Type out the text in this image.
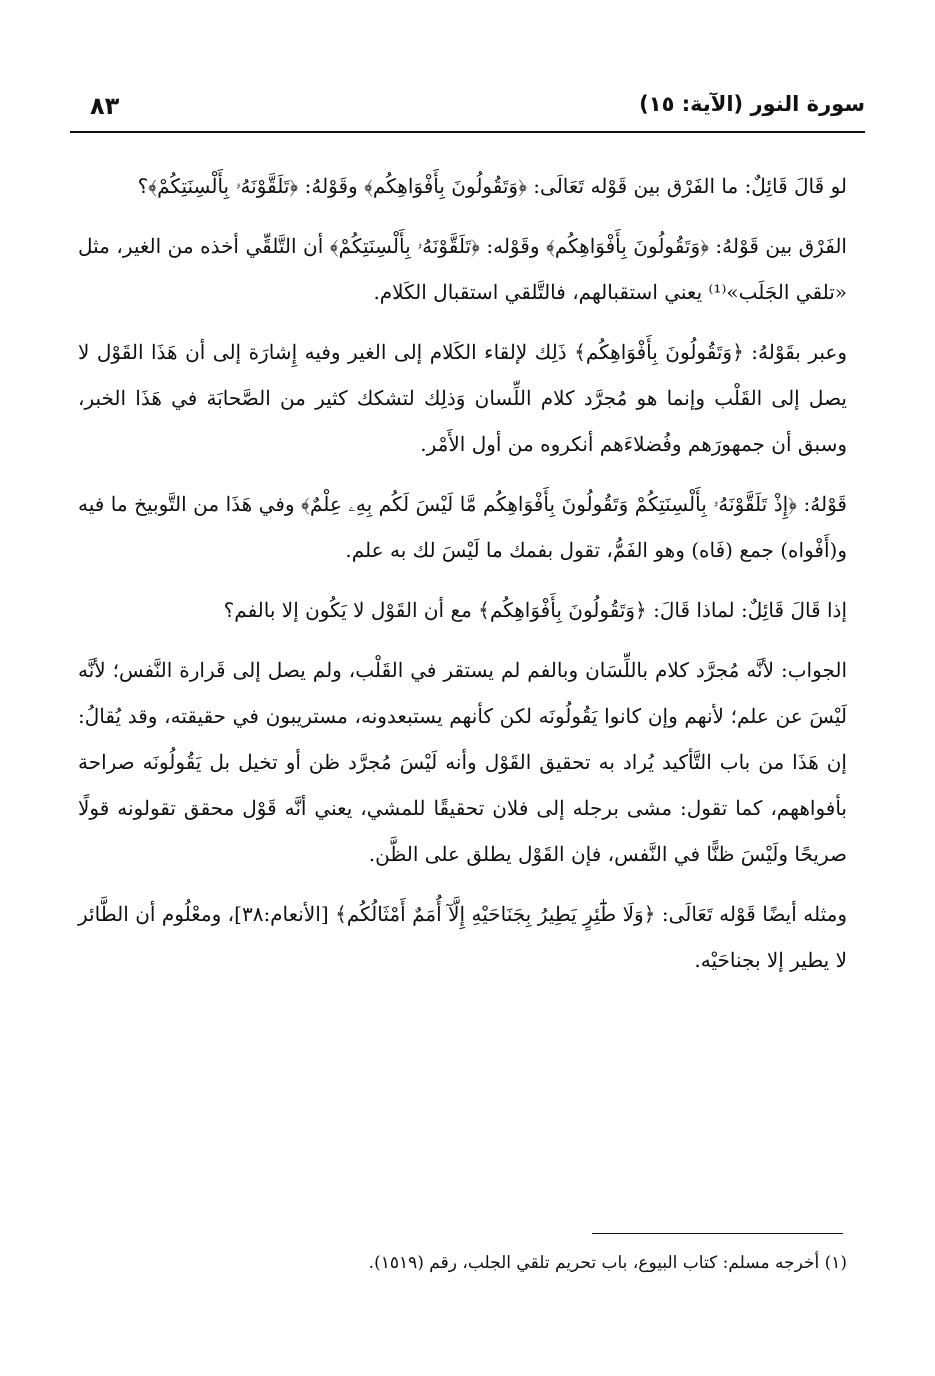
سورة النور (الآية: ١٥)
٨٣

لو قَالَ قَائِلٌ: ما الفَرْق بين قَوْله تَعَالَى: ﴿وَتَقُولُونَ بِأَفْوَاهِكُم﴾ وقَوْلهُ: ﴿تَلَقَّوْنَهُۥ بِأَلْسِنَتِكُمْ﴾؟

الفَرْق بين قَوْلهُ: ﴿وَتَقُولُونَ بِأَفْوَاهِكُم﴾ وقَوْله: ﴿تَلَقَّوْنَهُۥ بِأَلْسِنَتِكُمْ﴾ أن التَّلقِّي أخذه من الغير، مثل «تلقي الجَلَب»⁽¹⁾ يعني استقبالهم، فالتَّلقي استقبال الكَلام.

وعبر بقَوْلهُ: ﴿وَتَقُولُونَ بِأَفْوَاهِكُم﴾ ذَلِك لإلقاء الكَلام إلى الغير وفيه إِشارَة إلى أن هَذَا القَوْل لا يصل إلى القَلْب وإنما هو مُجرَّد كلام اللِّسان وَذلِك لتشكك كثير من الصَّحابَة في هَذَا الخبر، وسبق أن جمهورَهم وفُضلاءَهم أنكروه من أول الأَمْر.

قَوْلهُ: ﴿إِذْ تَلَقَّوْنَهُۥ بِأَلْسِنَتِكُمْ وَتَقُولُونَ بِأَفْوَاهِكُم مَّا لَيْسَ لَكُم بِهِۦ عِلْمٌ﴾ وفي هَذَا من التَّوبيخ ما فيه و(أَفْواه) جمع (فَاه) وهو الفَمُّ، تقول بفمك ما لَيْسَ لك به علم.

إذا قَالَ قَائِلٌ: لماذا قَالَ: ﴿وَتَقُولُونَ بِأَفْوَاهِكُم﴾ مع أن القَوْل لا يَكُون إلا بالفم؟

الجواب: لأنَّه مُجرَّد كلام باللِّسَان وبالفم لم يستقر في القَلْب، ولم يصل إلى قَرارة النَّفس؛ لأنَّه لَيْسَ عن علم؛ لأنهم وإن كانوا يَقُولُونَه لكن كأنهم يستبعدونه، مستريبون في حقيقته، وقد يُقالُ: إن هَذَا من باب التَّأكيد يُراد به تحقيق القَوْل وأنه لَيْسَ مُجرَّد ظن أو تخيل بل يَقُولُونَه صراحة بأفواههم، كما تقول: مشى برجله إلى فلان تحقيقًا للمشي، يعني أنَّه قَوْل محقق تقولونه قولًا صريحًا ولَيْسَ ظنًّا في النَّفس، فإن القَوْل يطلق على الظَّن.

ومثله أيضًا قَوْله تَعَالَى: ﴿وَلَا طَٰٓئِرٍ يَطِيرُ بِجَنَاحَيْهِ إِلَّآ أُمَمٌ أَمْثَالُكُم﴾ [الأنعام:٣٨]، ومعْلُوم أن الطَّائر لا يطير إلا بجناحَيْه.

(١) أخرجه مسلم: كتاب البيوع، باب تحريم تلقي الجلب، رقم (١٥١٩).
